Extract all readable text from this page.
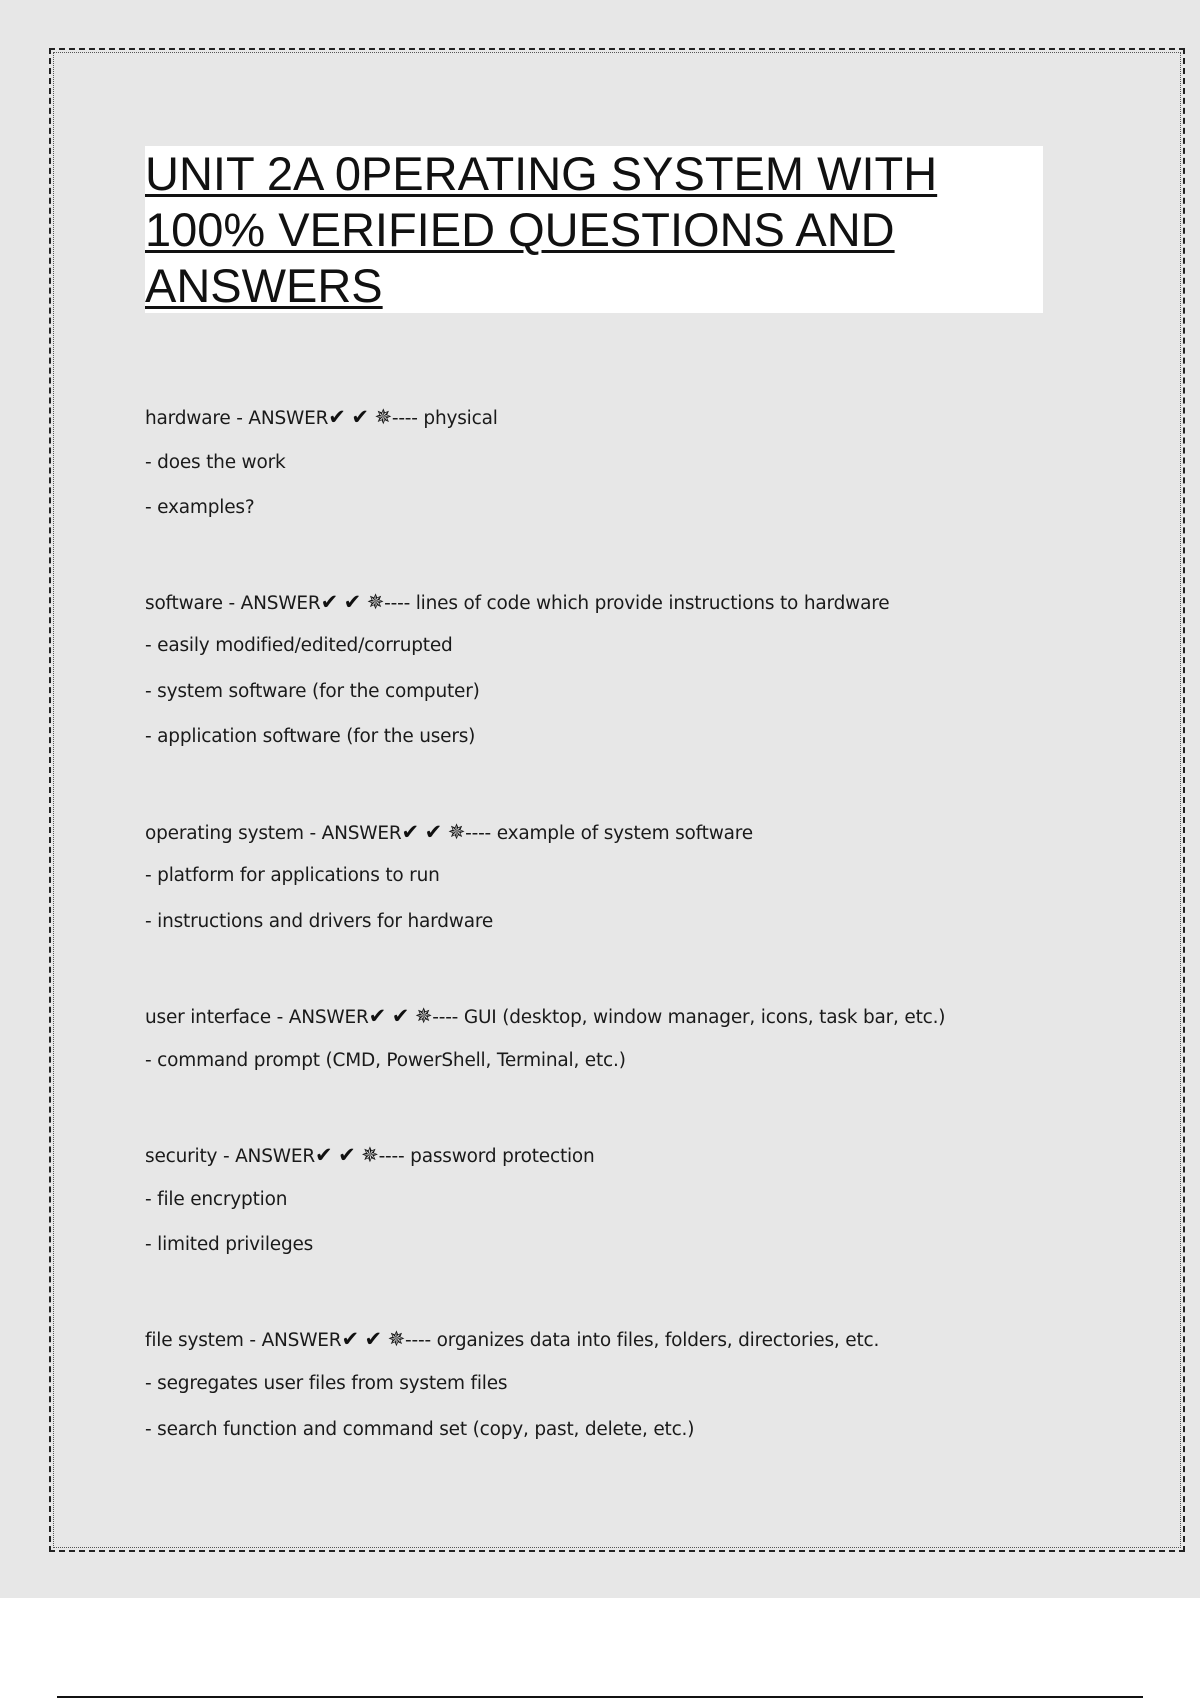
UNIT 2A 0PERATING SYSTEM WITH 100% VERIFIED QUESTIONS AND ANSWERS
hardware - ANSWER✔ ✔ ✵---- physical
- does the work
- examples?
software - ANSWER✔ ✔ ✵---- lines of code which provide instructions to hardware
- easily modified/edited/corrupted
- system software (for the computer)
- application software (for the users)
operating system - ANSWER✔ ✔ ✵---- example of system software
- platform for applications to run
- instructions and drivers for hardware
user interface - ANSWER✔ ✔ ✵---- GUI (desktop, window manager, icons, task bar, etc.)
- command prompt (CMD, PowerShell, Terminal, etc.)
security - ANSWER✔ ✔ ✵---- password protection
- file encryption
- limited privileges
file system - ANSWER✔ ✔ ✵---- organizes data into files, folders, directories, etc.
- segregates user files from system files
- search function and command set (copy, past, delete, etc.)
